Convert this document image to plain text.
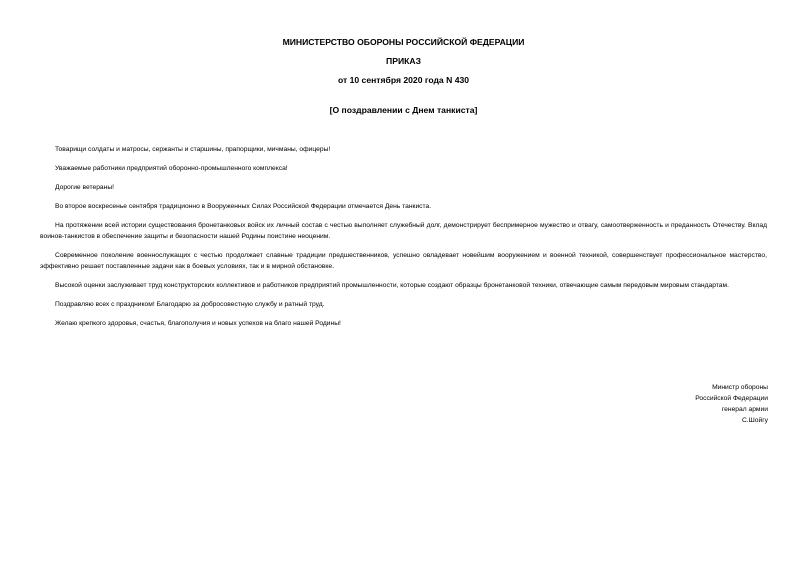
МИНИСТЕРСТВО ОБОРОНЫ РОССИЙСКОЙ ФЕДЕРАЦИИ
ПРИКАЗ
от 10 сентября 2020 года N 430
[О поздравлении с Днем танкиста]

Товарищи солдаты и матросы, сержанты и старшины, прапорщики, мичманы, офицеры!

Уважаемые работники предприятий оборонно-промышленного комплекса!

Дорогие ветераны!

Во второе воскресенье сентября традиционно в Вооруженных Силах Российской Федерации отмечается День танкиста.

На протяжении всей истории существования бронетанковых войск их личный состав с честью выполняет служебный долг, демонстрирует беспримерное мужество и отвагу, самоотверженность и преданность Отечеству. Вклад воинов-танкистов в обеспечение защиты и безопасности нашей Родины поистине неоценим.

Современное поколение военнослужащих с честью продолжает славные традиции предшественников, успешно овладевает новейшим вооружением и военной техникой, совершенствует профессиональное мастерство, эффективно решает поставленные задачи как в боевых условиях, так и в мирной обстановке.

Высокой оценки заслуживает труд конструкторских коллективов и работников предприятий промышленности, которые создают образцы бронетанковой техники, отвечающие самым передовым мировым стандартам.

Поздравляю всех с праздником! Благодарю за добросовестную службу и ратный труд.

Желаю крепкого здоровья, счастья, благополучия и новых успехов на благо нашей Родины!

Министр обороны
Российской Федерации
генерал армии
С.Шойгу
